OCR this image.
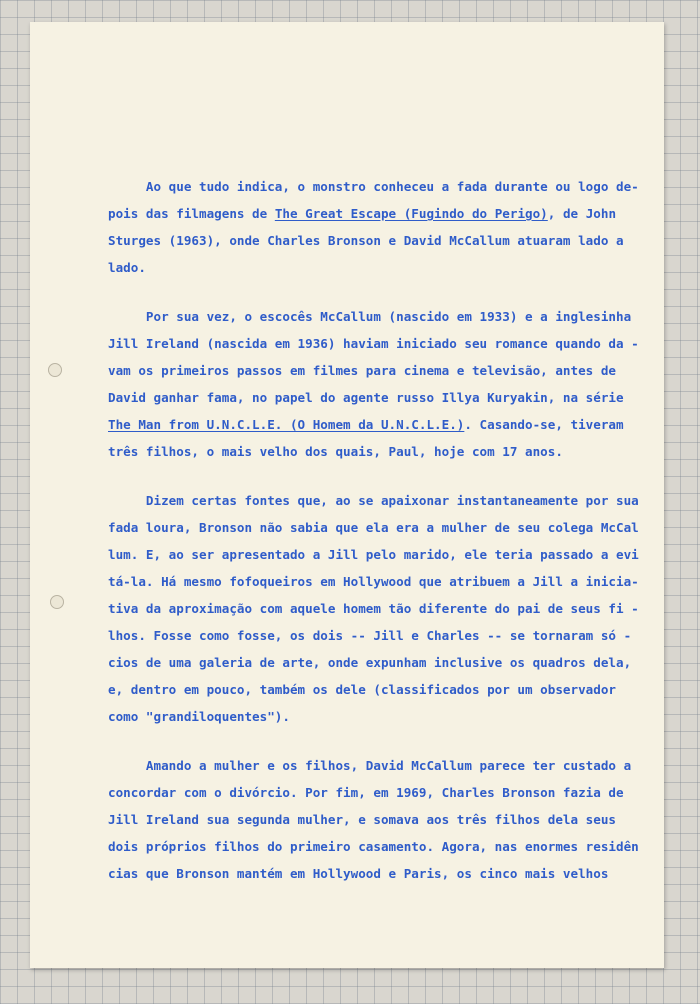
Ao que tudo indica, o monstro conheceu a fada durante ou logo de-
pois das filmagens de The Great Escape (Fugindo do Perigo), de John
Sturges (1963), onde Charles Bronson e David McCallum atuaram lado a
lado.
Por sua vez, o escocês McCallum (nascido em 1933) e a inglesinha
Jill Ireland (nascida em 1936) haviam iniciado seu romance quando da -
vam os primeiros passos em filmes para cinema e televisão, antes de
David ganhar fama, no papel do agente russo Illya Kuryakin, na série
The Man from U.N.C.L.E. (O Homem da U.N.C.L.E.). Casando-se, tiveram
três filhos, o mais velho dos quais, Paul, hoje com 17 anos.
Dizem certas fontes que, ao se apaixonar instantaneamente por sua
fada loura, Bronson não sabia que ela era a mulher de seu colega McCal
lum. E, ao ser apresentado a Jill pelo marido, ele teria passado a evi
tá-la. Há mesmo fofoqueiros em Hollywood que atribuem a Jill a inicia-
tiva da aproximação com aquele homem tão diferente do pai de seus fi -
lhos. Fosse como fosse, os dois -- Jill e Charles -- se tornaram só -
cios de uma galeria de arte, onde expunham inclusive os quadros dela,
e, dentro em pouco, também os dele (classificados por um observador
como "grandiloquentes").
Amando a mulher e os filhos, David McCallum parece ter custado a
concordar com o divórcio. Por fim, em 1969, Charles Bronson fazia de
Jill Ireland sua segunda mulher, e somava aos três filhos dela seus
dois próprios filhos do primeiro casamento. Agora, nas enormes residên
cias que Bronson mantém em Hollywood e Paris, os cinco mais velhos
